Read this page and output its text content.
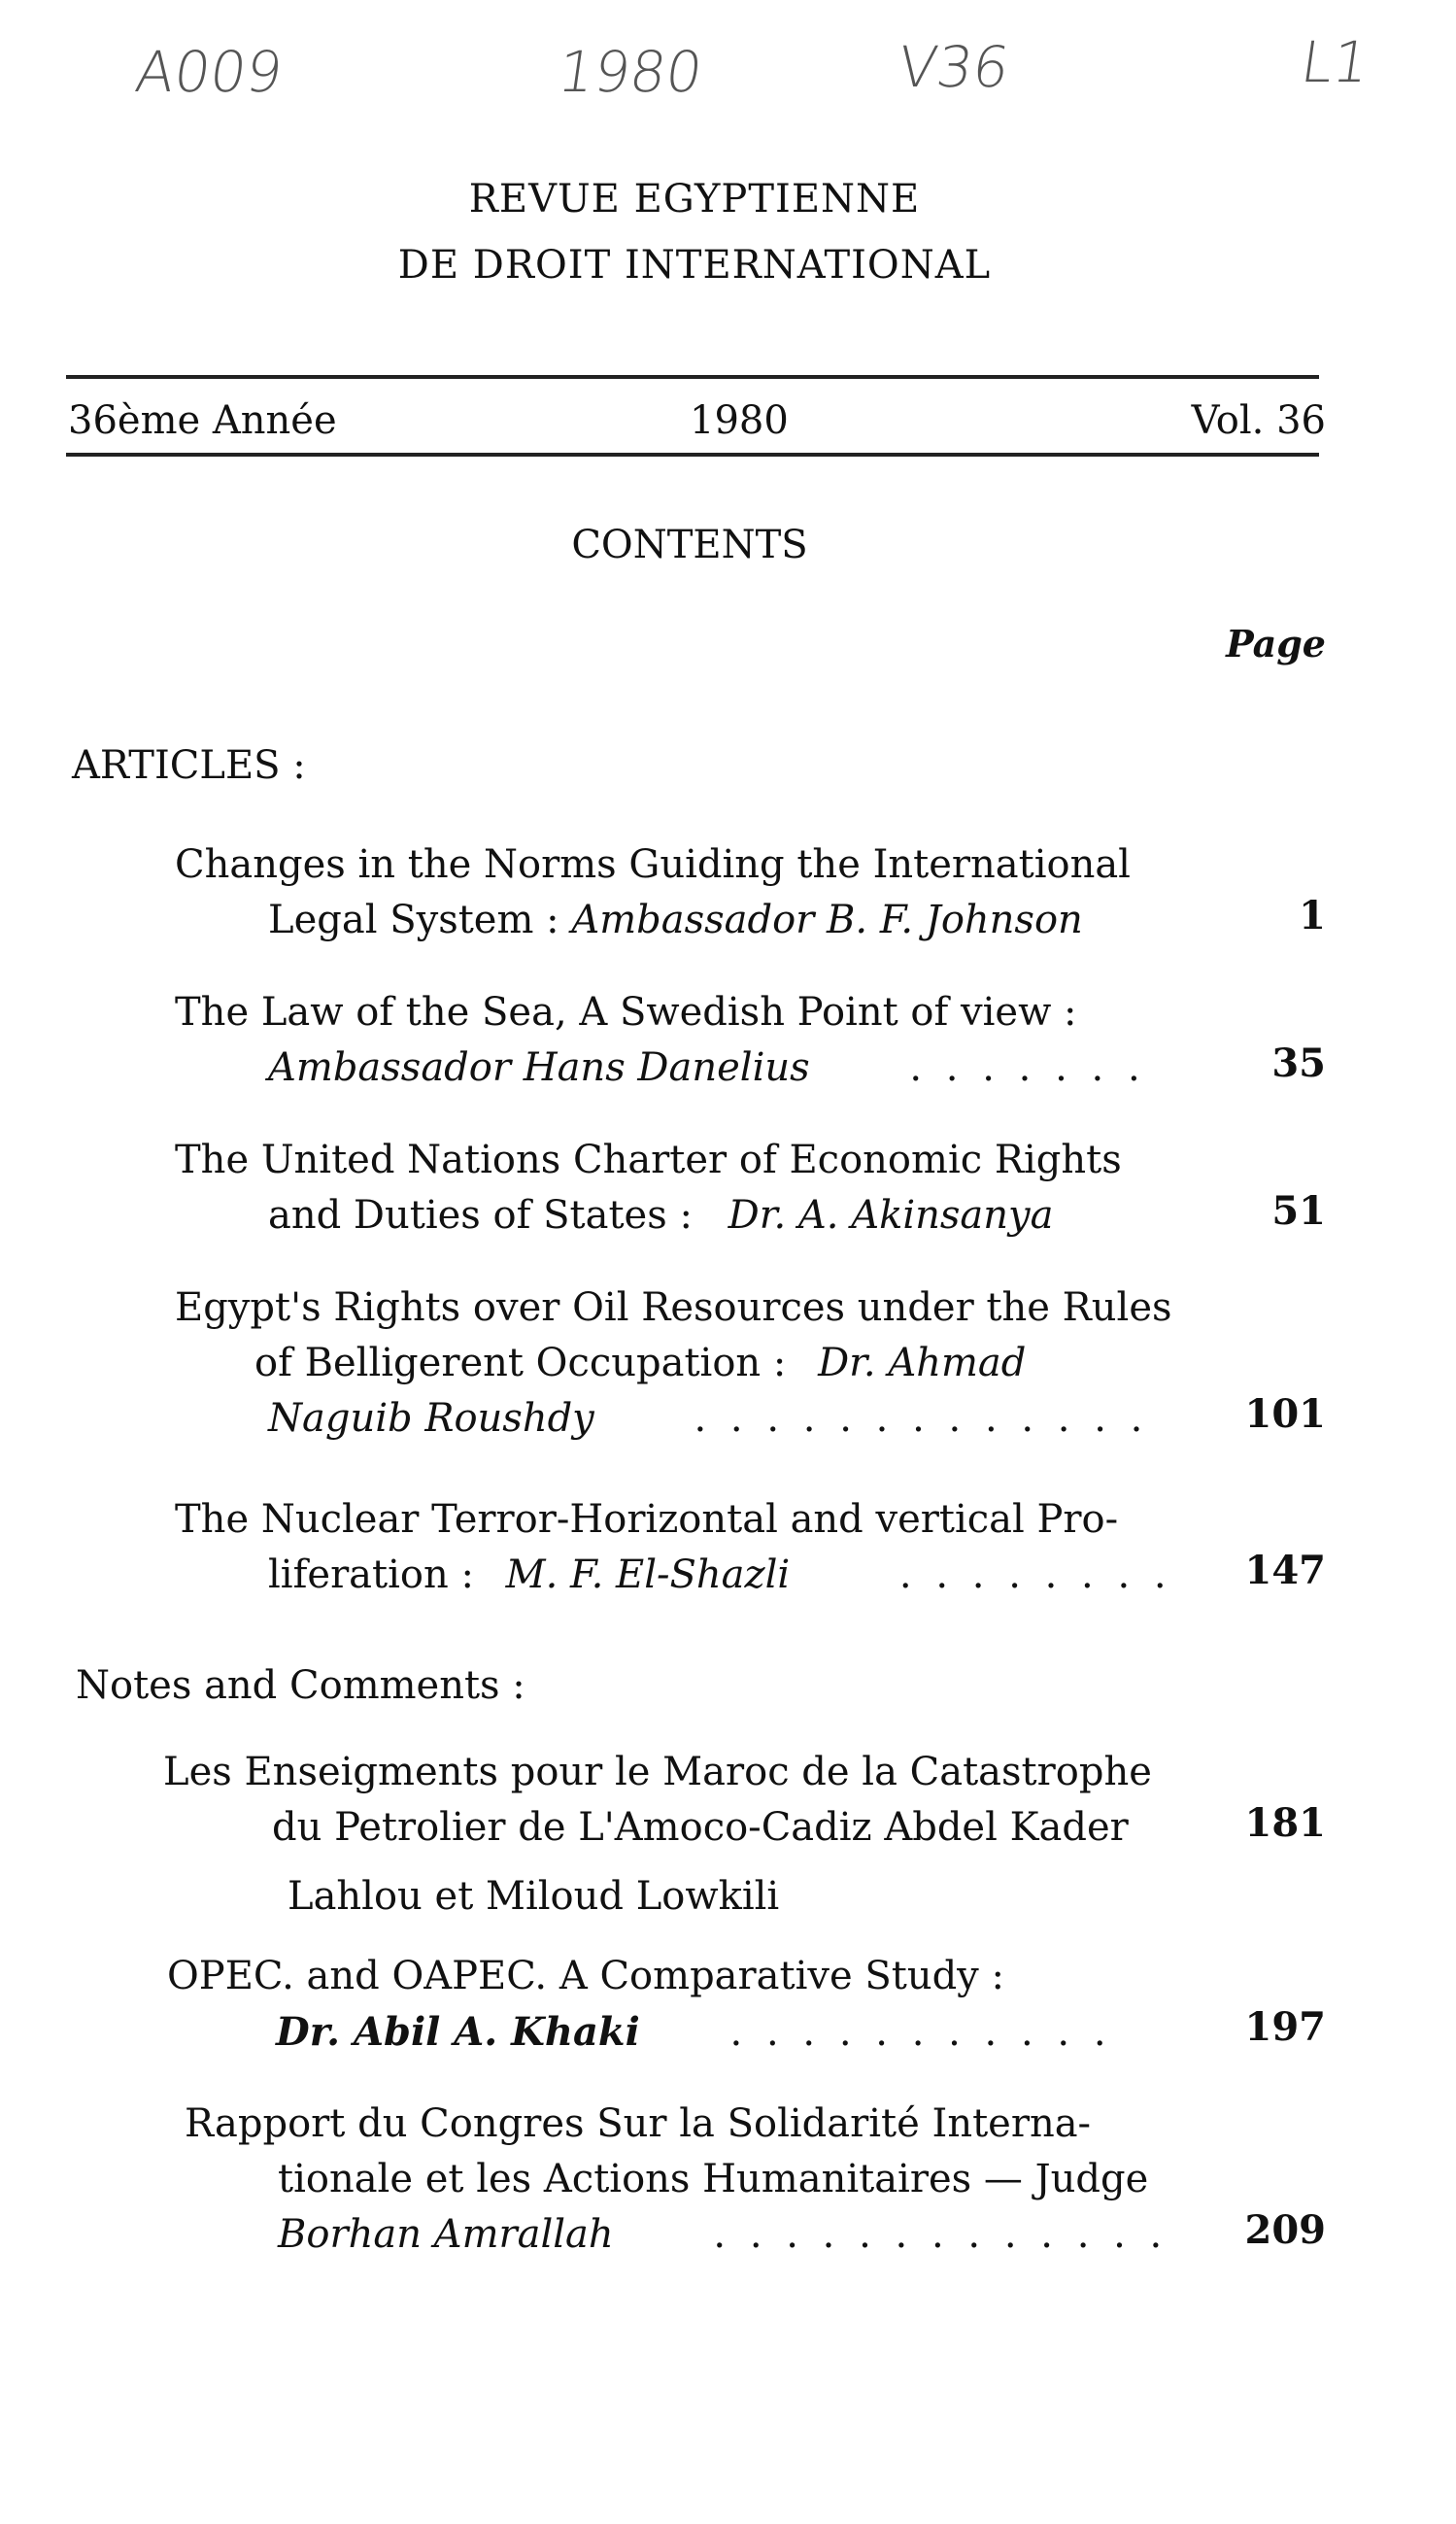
A009	1980	V36	L1
REVUE EGYPTIENNE
DE DROIT INTERNATIONAL
36ème Année	1980	Vol. 36
CONTENTS
Page
ARTICLES :
Changes in the Norms Guiding the International
Legal System : Ambassador B. F. Johnson	1
The Law of the Sea, A Swedish Point of view :
Ambassador Hans Danelius	. . . . . . .	35
The United Nations Charter of Economic Rights
and Duties of States : Dr. A. Akinsanya	51
Egypt's Rights over Oil Resources under the Rules
of Belligerent Occupation : Dr. Ahmad
Naguib Roushdy	. . . . . . . . . . . . .	101
The Nuclear Terror-Horizontal and vertical Pro-
liferation : M. F. El-Shazli	. . . . . . . . 147
Notes and Comments :
Les Enseigments pour le Maroc de la Catastrophe
du Petrolier de L'Amoco-Cadiz Abdel Kader
Lahlou et Miloud Lowkili
181
OPEC. and OAPEC. A Comparative Study :
Dr. Abil A. Khaki . . . . . . . . . . .	197
Rapport du Congres Sur la Solidarité Interna-
tionale et les Actions Humanitaires — Judge
Borhan Amrallah	. . . . . . . . . . . . . 209
